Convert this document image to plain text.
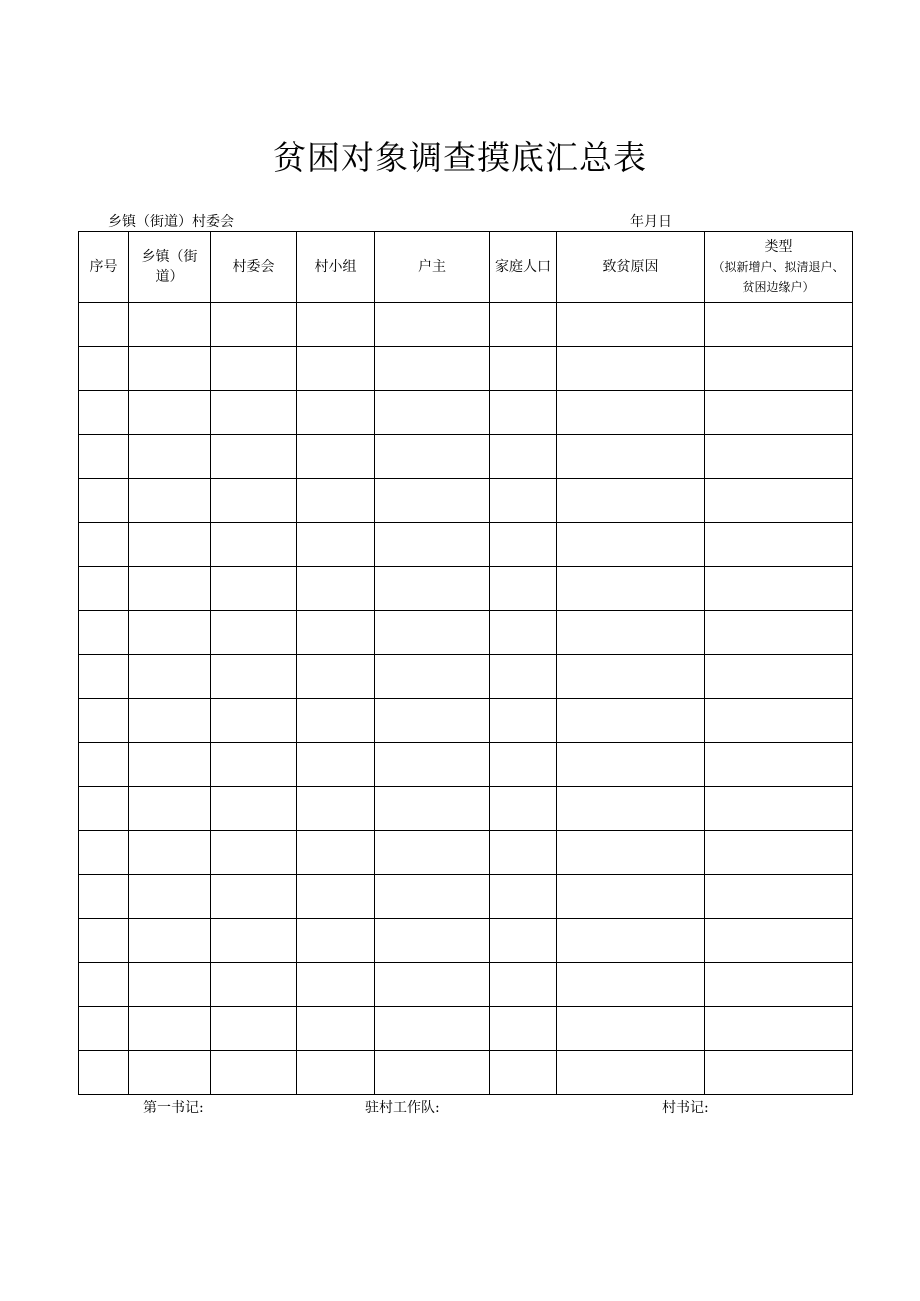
贫困对象调查摸底汇总表
乡镇（街道）村委会	年月日
序号	乡镇（街道）	村委会	村小组	户主	家庭人口	致贫原因	类型
（拟新增户、拟清退户、贫困边缘户）

第一书记:	驻村工作队:	村书记:
